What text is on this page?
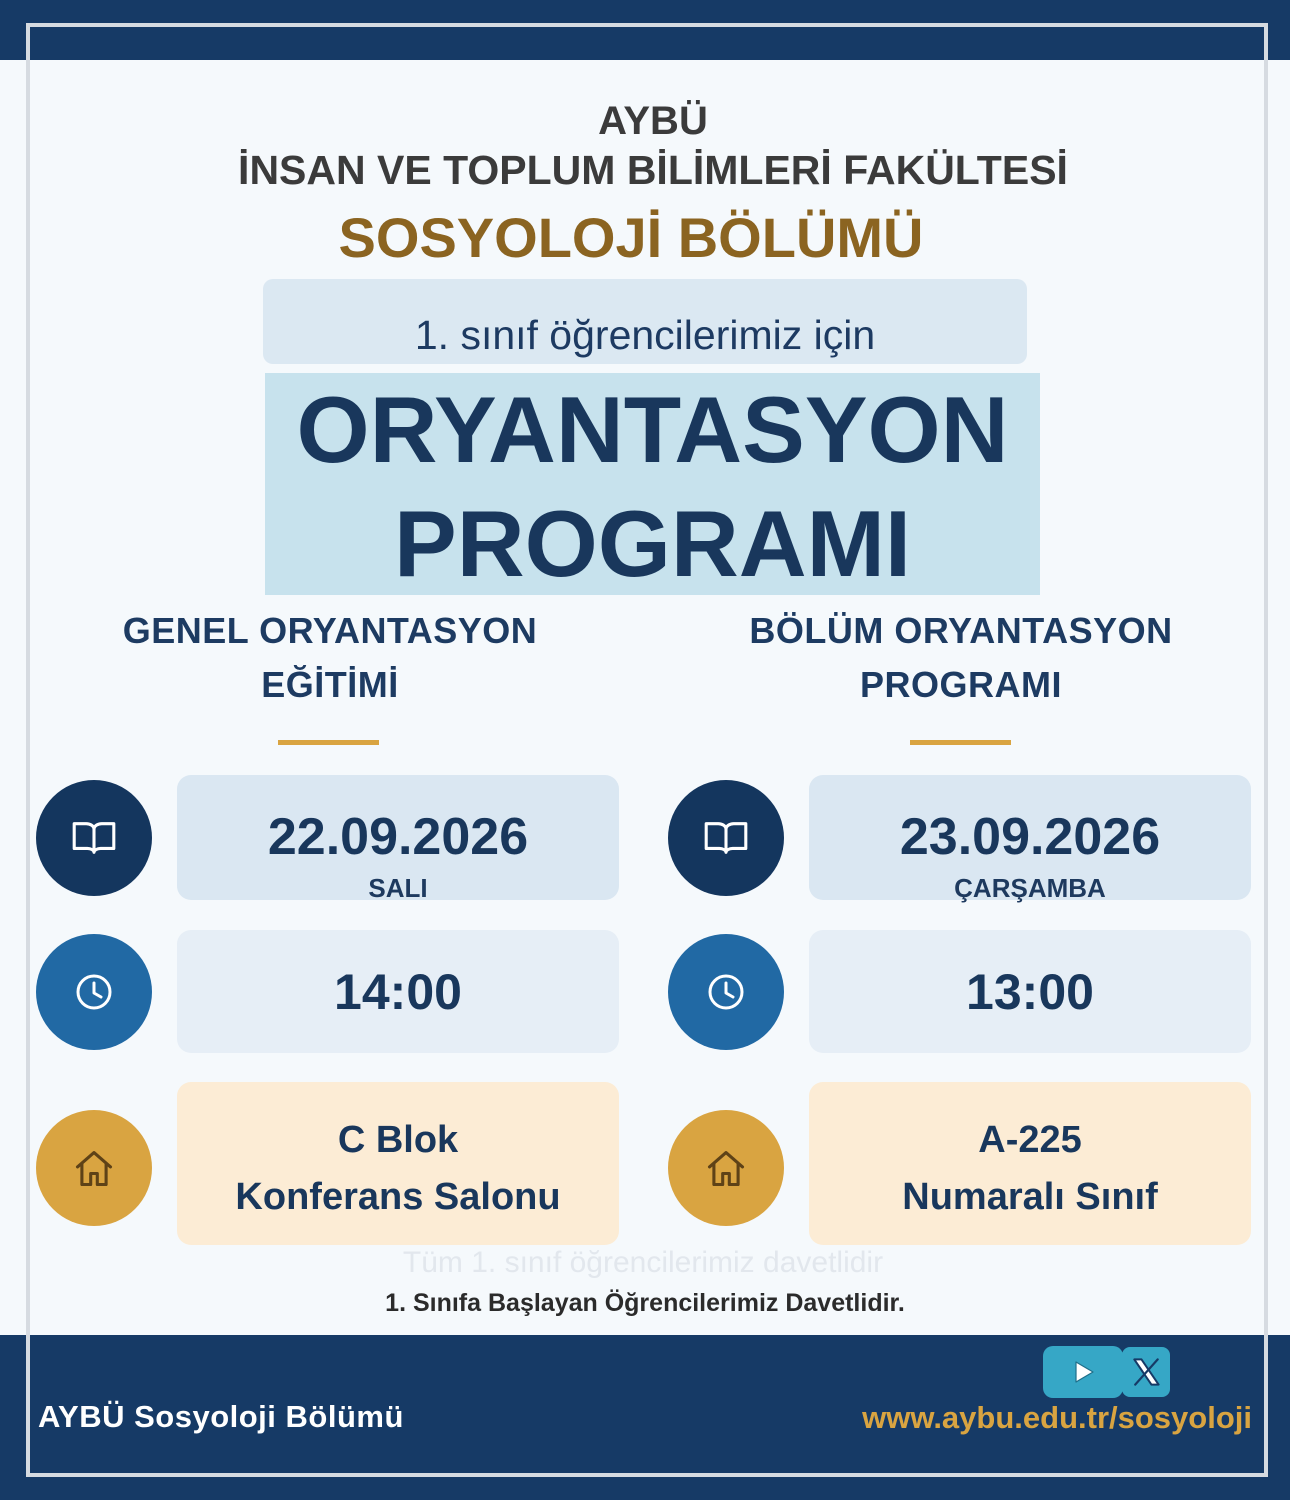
AYBÜ
İNSAN VE TOPLUM BİLİMLERİ FAKÜLTESİ
SOSYOLOJİ BÖLÜMÜ
1. sınıf öğrencilerimiz için
ORYANTASYON
PROGRAMI
GENEL ORYANTASYON
EĞİTİMİ
BÖLÜM ORYANTASYON
PROGRAMI
22.09.2026
SALI
14:00
C Blok
Konferans Salonu
23.09.2026
ÇARŞAMBA
13:00
A-225
Numaralı Sınıf
Tüm 1. sınıf öğrencilerimiz davetlidir
1. Sınıfa Başlayan Öğrencilerimiz Davetlidir.
AYBÜ Sosyoloji Bölümü	www.aybu.edu.tr/sosyoloji
